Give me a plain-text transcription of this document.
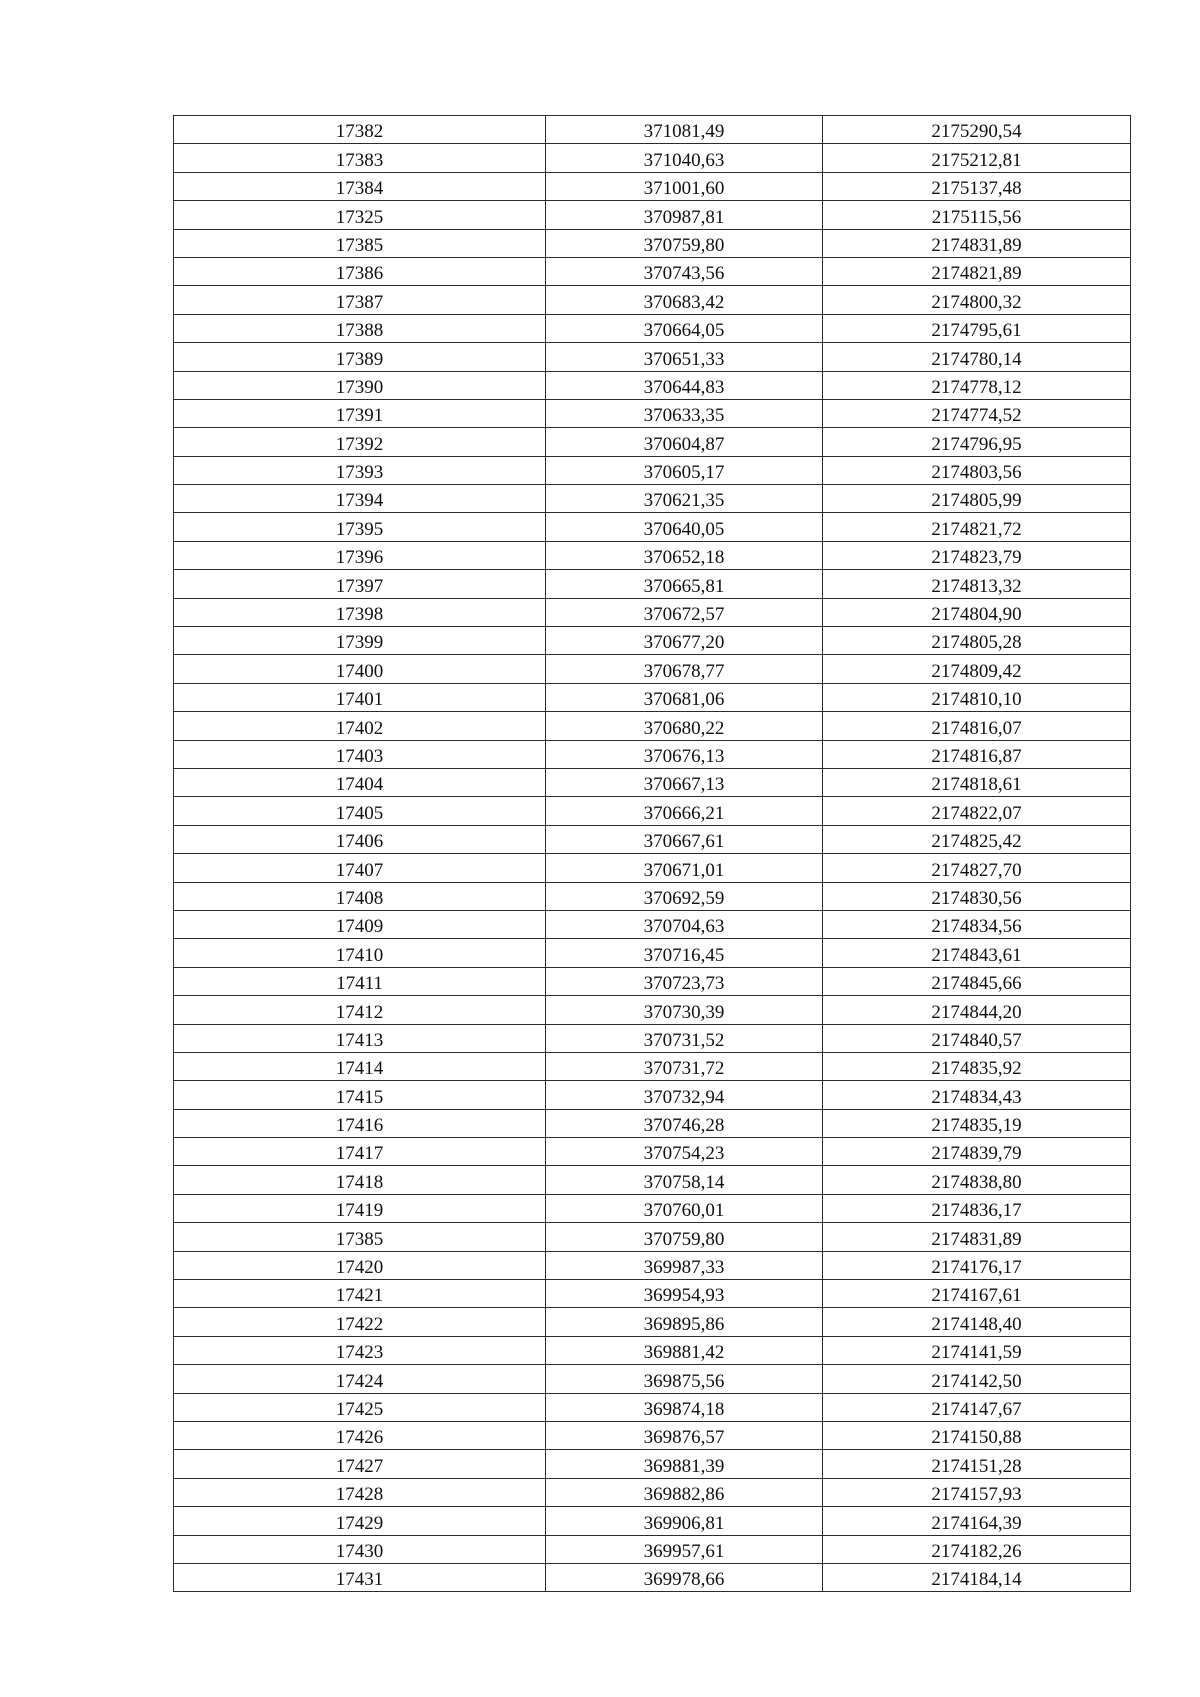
17382	371081,49	2175290,54
17383	371040,63	2175212,81
17384	371001,60	2175137,48
17325	370987,81	2175115,56
17385	370759,80	2174831,89
17386	370743,56	2174821,89
17387	370683,42	2174800,32
17388	370664,05	2174795,61
17389	370651,33	2174780,14
17390	370644,83	2174778,12
17391	370633,35	2174774,52
17392	370604,87	2174796,95
17393	370605,17	2174803,56
17394	370621,35	2174805,99
17395	370640,05	2174821,72
17396	370652,18	2174823,79
17397	370665,81	2174813,32
17398	370672,57	2174804,90
17399	370677,20	2174805,28
17400	370678,77	2174809,42
17401	370681,06	2174810,10
17402	370680,22	2174816,07
17403	370676,13	2174816,87
17404	370667,13	2174818,61
17405	370666,21	2174822,07
17406	370667,61	2174825,42
17407	370671,01	2174827,70
17408	370692,59	2174830,56
17409	370704,63	2174834,56
17410	370716,45	2174843,61
17411	370723,73	2174845,66
17412	370730,39	2174844,20
17413	370731,52	2174840,57
17414	370731,72	2174835,92
17415	370732,94	2174834,43
17416	370746,28	2174835,19
17417	370754,23	2174839,79
17418	370758,14	2174838,80
17419	370760,01	2174836,17
17385	370759,80	2174831,89
17420	369987,33	2174176,17
17421	369954,93	2174167,61
17422	369895,86	2174148,40
17423	369881,42	2174141,59
17424	369875,56	2174142,50
17425	369874,18	2174147,67
17426	369876,57	2174150,88
17427	369881,39	2174151,28
17428	369882,86	2174157,93
17429	369906,81	2174164,39
17430	369957,61	2174182,26
17431	369978,66	2174184,14
